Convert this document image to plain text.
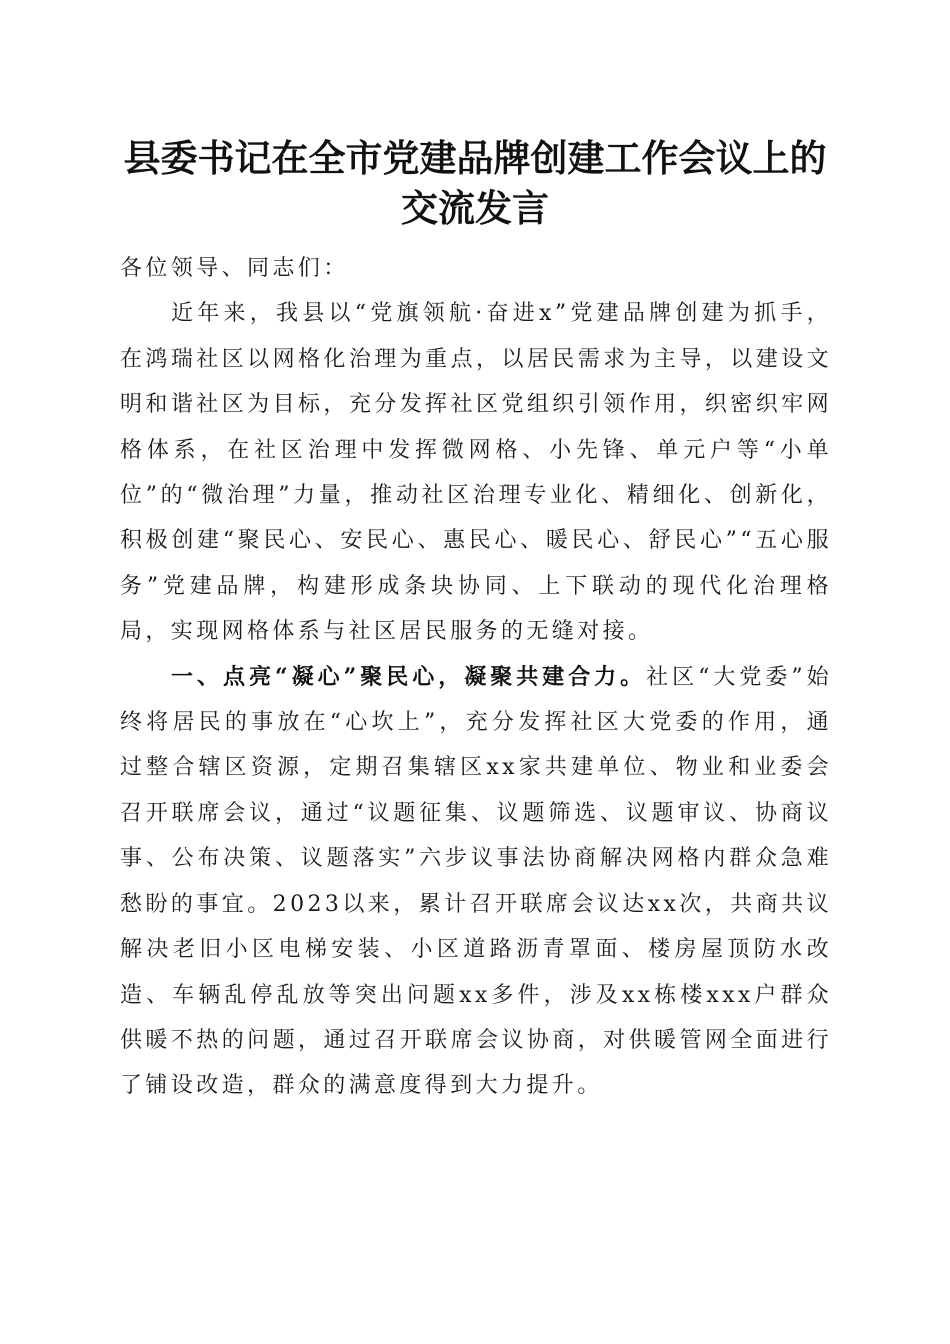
县委书记在全市党建品牌创建工作会议上的交流发言

各位领导、同志们：

近年来，我县以“党旗领航·奋进x”党建品牌创建为抓手，在鸿瑞社区以网格化治理为重点，以居民需求为主导，以建设文明和谐社区为目标，充分发挥社区党组织引领作用，织密织牢网格体系，在社区治理中发挥微网格、小先锋、单元户等“小单位”的“微治理”力量，推动社区治理专业化、精细化、创新化，积极创建“聚民心、安民心、惠民心、暖民心、舒民心”“五心服务”党建品牌，构建形成条块协同、上下联动的现代化治理格局，实现网格体系与社区居民服务的无缝对接。

一、点亮“凝心”聚民心，凝聚共建合力。社区“大党委”始终将居民的事放在“心坎上”，充分发挥社区大党委的作用，通过整合辖区资源，定期召集辖区xx家共建单位、物业和业委会召开联席会议，通过“议题征集、议题筛选、议题审议、协商议事、公布决策、议题落实”六步议事法协商解决网格内群众急难愁盼的事宜。2023以来，累计召开联席会议达xx次，共商共议解决老旧小区电梯安装、小区道路沥青罩面、楼房屋顶防水改造、车辆乱停乱放等突出问题xx多件，涉及xx栋楼xxx户群众供暖不热的问题，通过召开联席会议协商，对供暖管网全面进行了铺设改造，群众的满意度得到大力提升。
